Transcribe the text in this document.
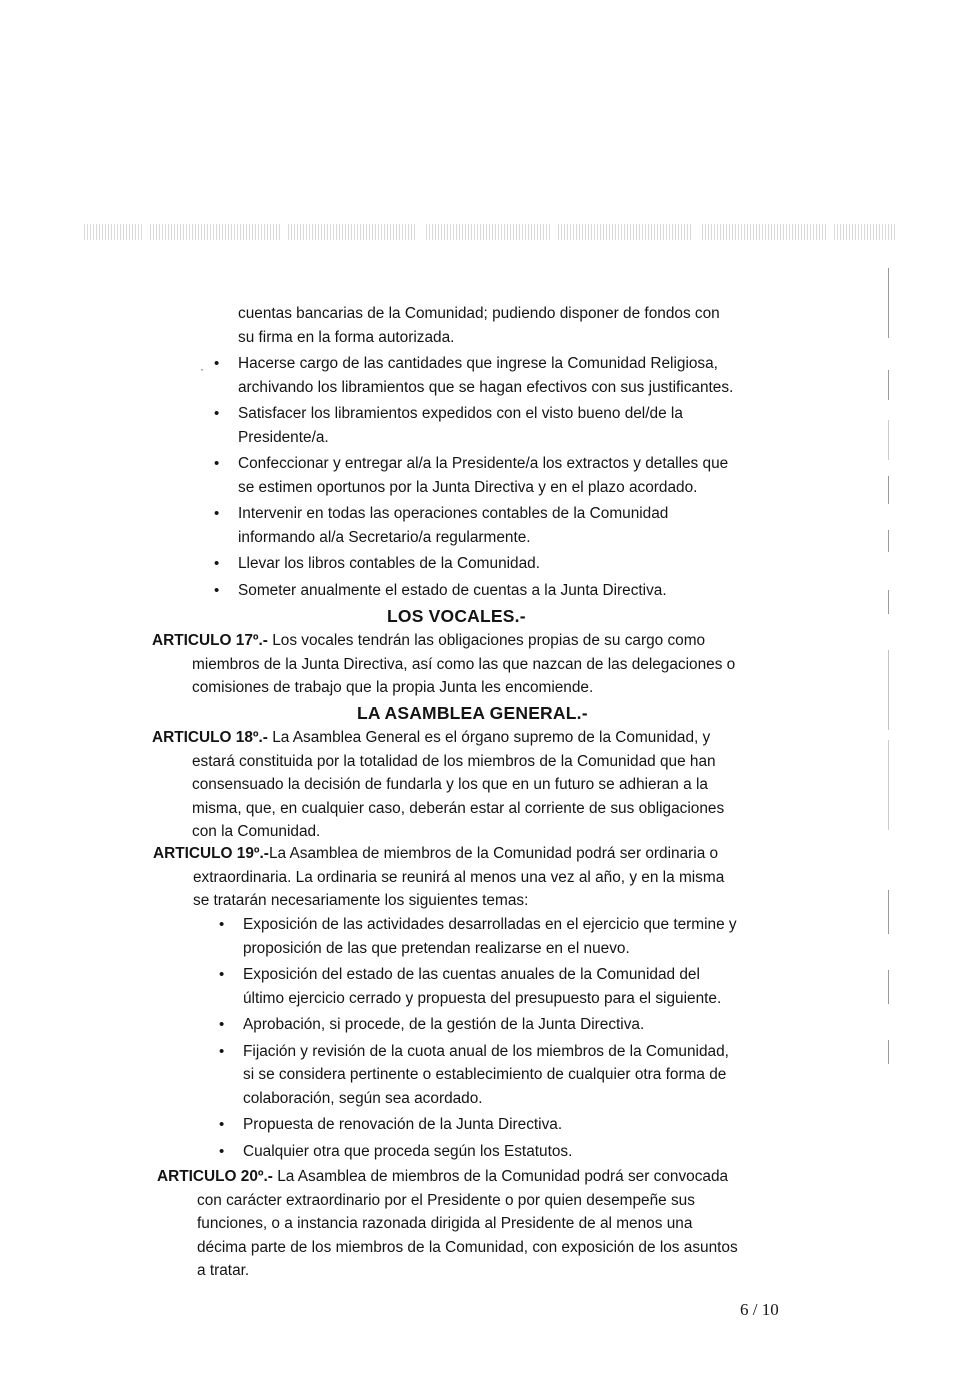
·
cuentas bancarias de la Comunidad; pudiendo disponer de fondos con
su firma en la forma autorizada.
• Hacerse cargo de las cantidades que ingrese la Comunidad Religiosa,
archivando los libramientos que se hagan efectivos con sus justificantes.
• Satisfacer los libramientos expedidos con el visto bueno del/de la
Presidente/a.
• Confeccionar y entregar al/a la Presidente/a los extractos y detalles que
se estimen oportunos por la Junta Directiva y en el plazo acordado.
• Intervenir en todas las operaciones contables de la Comunidad
informando al/a Secretario/a regularmente.
• Llevar los libros contables de la Comunidad.
• Someter anualmente el estado de cuentas a la Junta Directiva.
LOS VOCALES.-
ARTICULO 17º.- Los vocales tendrán las obligaciones propias de su cargo como
miembros de la Junta Directiva, así como las que nazcan de las delegaciones o
comisiones de trabajo que la propia Junta les encomiende.
LA ASAMBLEA GENERAL.-
ARTICULO 18º.- La Asamblea General es el órgano supremo de la Comunidad, y
estará constituida por la totalidad de los miembros de la Comunidad que han
consensuado la decisión de fundarla y los que en un futuro se adhieran a la
misma, que, en cualquier caso, deberán estar al corriente de sus obligaciones
con la Comunidad.
ARTICULO 19º.-La Asamblea de miembros de la Comunidad podrá ser ordinaria o
extraordinaria. La ordinaria se reunirá al menos una vez al año, y en la misma
se tratarán necesariamente los siguientes temas:
• Exposición de las actividades desarrolladas en el ejercicio que termine y
proposición de las que pretendan realizarse en el nuevo.
• Exposición del estado de las cuentas anuales de la Comunidad del
último ejercicio cerrado y propuesta del presupuesto para el siguiente.
• Aprobación, si procede, de la gestión de la Junta Directiva.
• Fijación y revisión de la cuota anual de los miembros de la Comunidad,
si se considera pertinente o establecimiento de cualquier otra forma de
colaboración, según sea acordado.
• Propuesta de renovación de la Junta Directiva.
• Cualquier otra que proceda según los Estatutos.
ARTICULO 20º.- La Asamblea de miembros de la Comunidad podrá ser convocada
con carácter extraordinario por el Presidente o por quien desempeñe sus
funciones, o a instancia razonada dirigida al Presidente de al menos una
décima parte de los miembros de la Comunidad, con exposición de los asuntos
a tratar.
6 / 10
